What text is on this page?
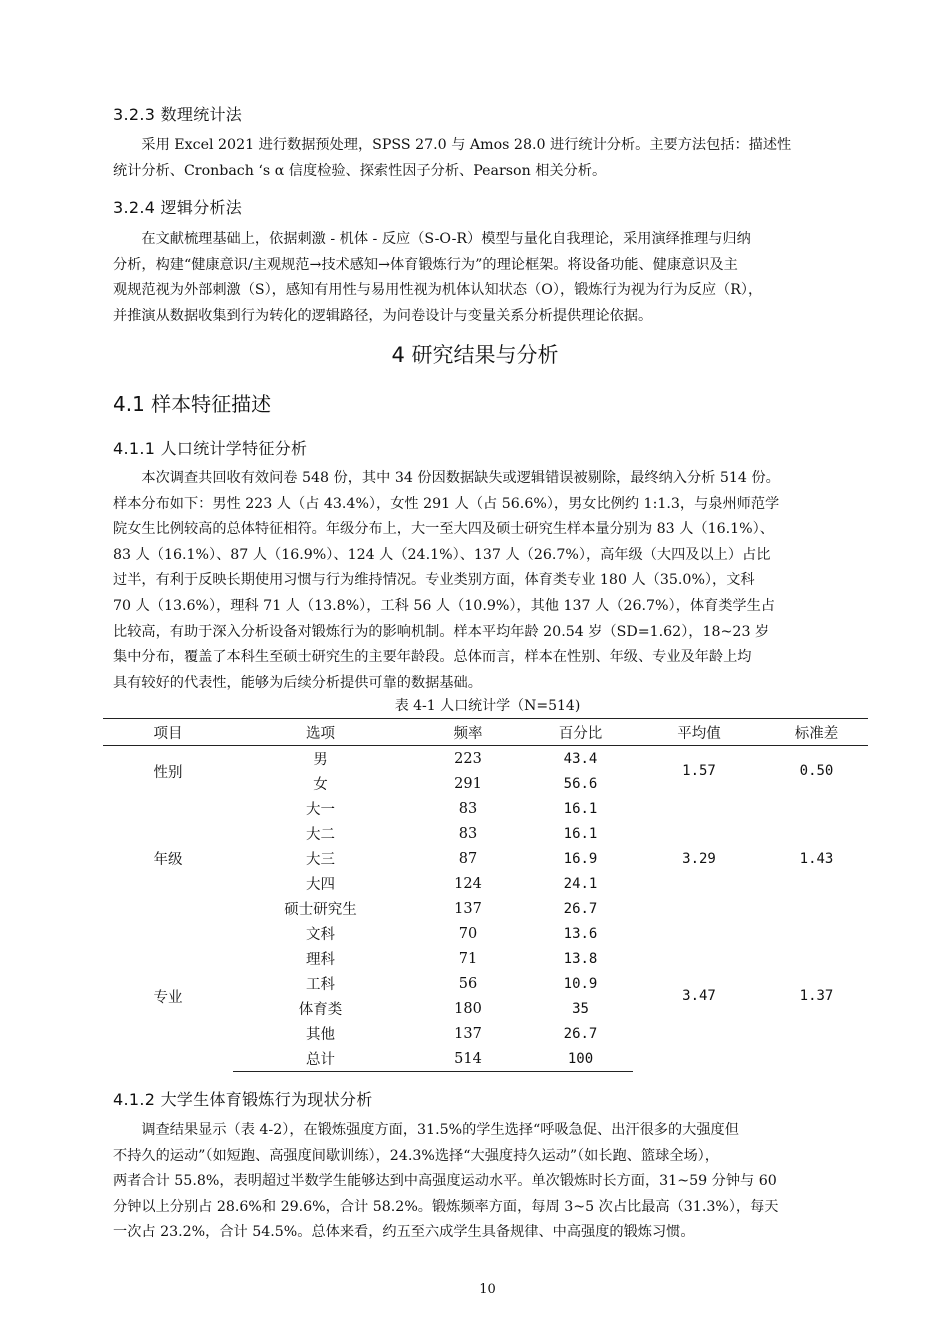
3.2.3 数理统计法
采用 Excel 2021 进行数据预处理，SPSS 27.0 与 Amos 28.0 进行统计分析。主要方法包括：描述性
统计分析、Cronbach ‘s α 信度检验、探索性因子分析、Pearson 相关分析。
3.2.4 逻辑分析法
在文献梳理基础上，依据刺激 - 机体 - 反应（S-O-R）模型与量化自我理论，采用演绎推理与归纳
分析，构建“健康意识/主观规范→技术感知→体育锻炼行为”的理论框架。将设备功能、健康意识及主
观规范视为外部刺激（S），感知有用性与易用性视为机体认知状态（O），锻炼行为视为行为反应（R），
并推演从数据收集到行为转化的逻辑路径，为问卷设计与变量关系分析提供理论依据。
4 研究结果与分析
4.1 样本特征描述
4.1.1 人口统计学特征分析
本次调查共回收有效问卷 548 份，其中 34 份因数据缺失或逻辑错误被剔除，最终纳入分析 514 份。
样本分布如下：男性 223 人（占 43.4%），女性 291 人（占 56.6%），男女比例约 1:1.3，与泉州师范学
院女生比例较高的总体特征相符。年级分布上，大一至大四及硕士研究生样本量分别为 83 人（16.1%）、
83 人（16.1%）、87 人（16.9%）、124 人（24.1%）、137 人（26.7%），高年级（大四及以上）占比
过半，有利于反映长期使用习惯与行为维持情况。专业类别方面，体育类专业 180 人（35.0%），文科
70 人（13.6%），理科 71 人（13.8%），工科 56 人（10.9%），其他 137 人（26.7%），体育类学生占
比较高，有助于深入分析设备对锻炼行为的影响机制。样本平均年龄 20.54 岁（SD=1.62），18~23 岁
集中分布，覆盖了本科生至硕士研究生的主要年龄段。总体而言，样本在性别、年级、专业及年龄上均
具有较好的代表性，能够为后续分析提供可靠的数据基础。
表 4-1 人口统计学（N=514)
项目	选项	频率	百分比	平均值	标准差
性别	男	223	43.4	1.57	0.50
	女	291	56.6		
年级	大一	83	16.1	3.29	1.43
	大二	83	16.1		
	大三	87	16.9		
	大四	124	24.1		
	硕士研究生	137	26.7		
专业	文科	70	13.6	3.47	1.37
	理科	71	13.8		
	工科	56	10.9		
	体育类	180	35		
	其他	137	26.7		
	总计	514	100		
4.1.2 大学生体育锻炼行为现状分析
调查结果显示（表 4-2），在锻炼强度方面，31.5%的学生选择“呼吸急促、出汗很多的大强度但
不持久的运动”（如短跑、高强度间歇训练），24.3%选择“大强度持久运动”（如长跑、篮球全场），
两者合计 55.8%，表明超过半数学生能够达到中高强度运动水平。单次锻炼时长方面，31~59 分钟与 60
分钟以上分别占 28.6%和 29.6%，合计 58.2%。锻炼频率方面，每周 3~5 次占比最高（31.3%），每天
一次占 23.2%，合计 54.5%。总体来看，约五至六成学生具备规律、中高强度的锻炼习惯。
10
